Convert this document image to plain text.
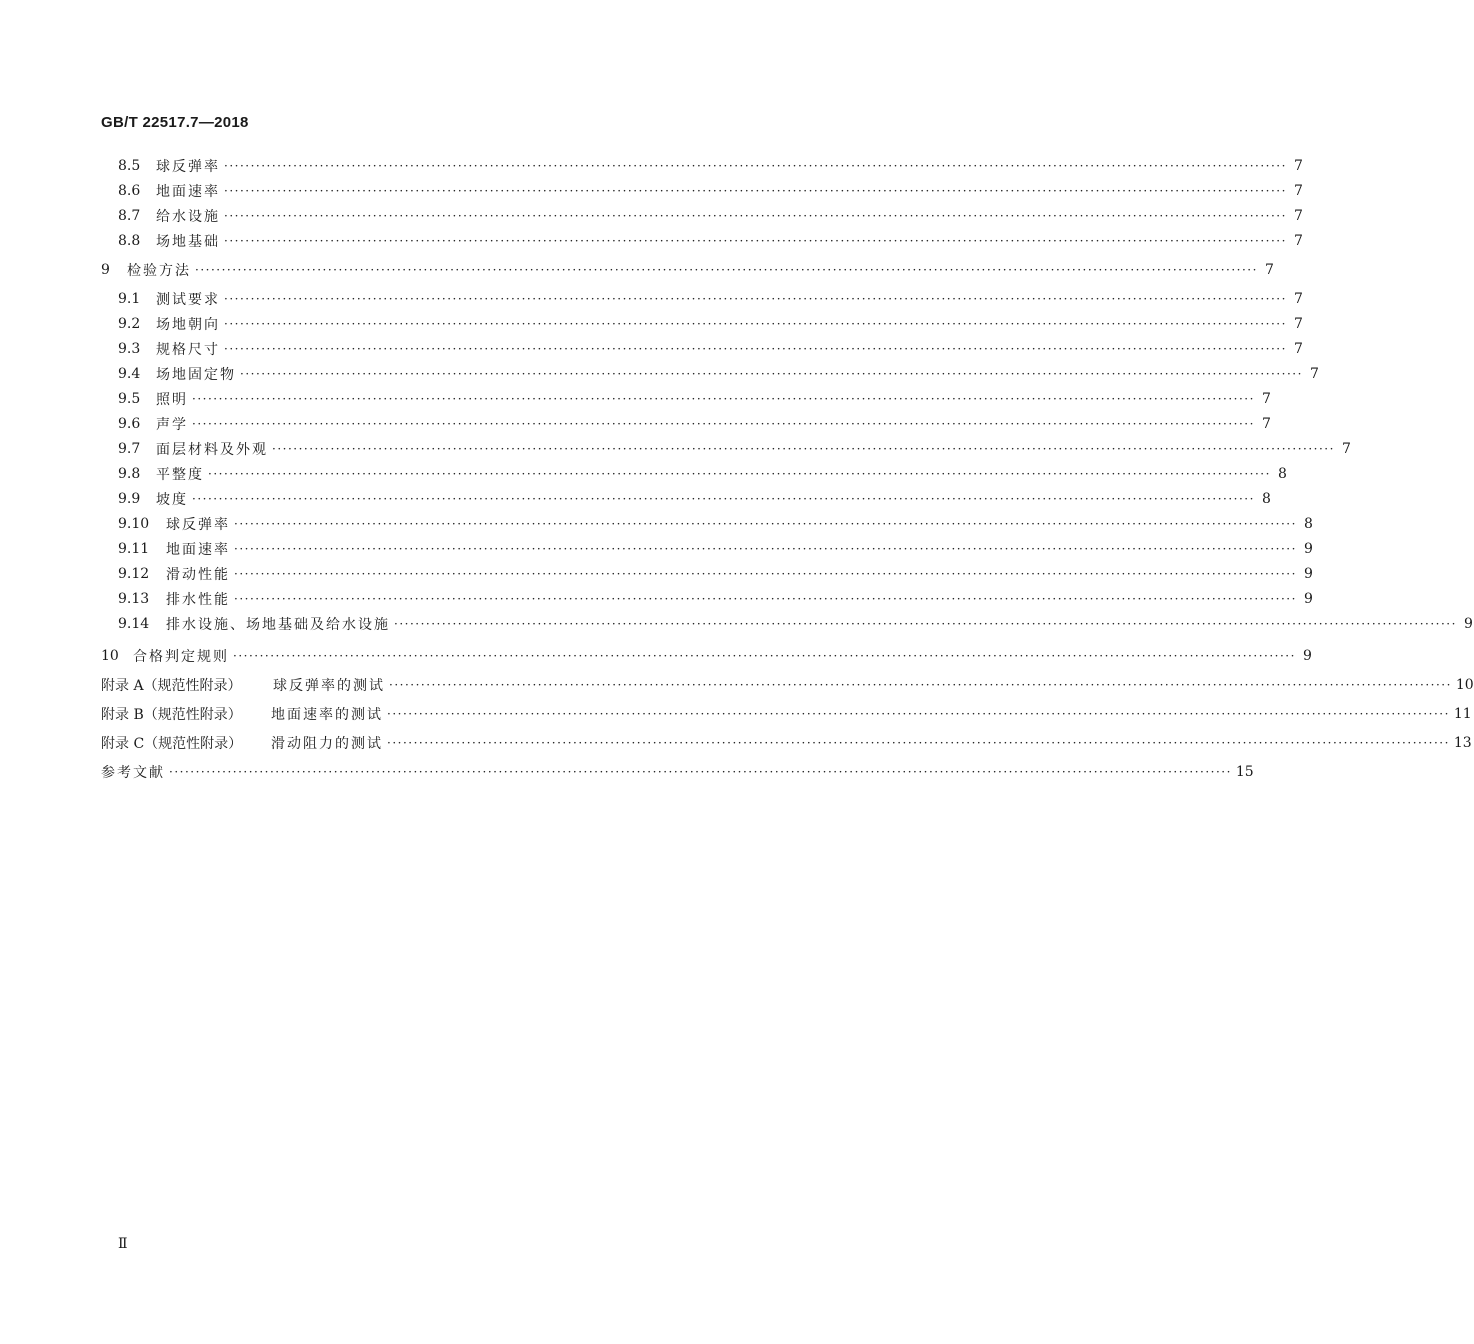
GB/T 22517.7—2018
8.5	球反弹率 ········································································································································································································ 7
8.6	地面速率 ········································································································································································································ 7
8.7	给水设施 ········································································································································································································ 7
8.8	场地基础 ········································································································································································································ 7
9	检验方法 ········································································································································································································ 7
9.1	测试要求 ········································································································································································································ 7
9.2	场地朝向 ········································································································································································································ 7
9.3	规格尺寸 ········································································································································································································ 7
9.4	场地固定物 ········································································································································································································ 7
9.5	照明 ········································································································································································································ 7
9.6	声学 ········································································································································································································ 7
9.7	面层材料及外观 ········································································································································································································ 7
9.8	平整度 ········································································································································································································ 8
9.9	坡度 ········································································································································································································ 8
9.10	球反弹率 ········································································································································································································ 8
9.11	地面速率 ········································································································································································································ 9
9.12	滑动性能 ········································································································································································································ 9
9.13	排水性能 ········································································································································································································ 9
9.14	排水设施、场地基础及给水设施 ········································································································································································································ 9
10	合格判定规则 ········································································································································································································ 9
附录 A（规范性附录）	球反弹率的测试 ········································································································································································································ 10
附录 B（规范性附录）	地面速率的测试 ········································································································································································································ 11
附录 C（规范性附录）	滑动阻力的测试 ········································································································································································································ 13
参考文献 ········································································································································································································ 15
Ⅱ
